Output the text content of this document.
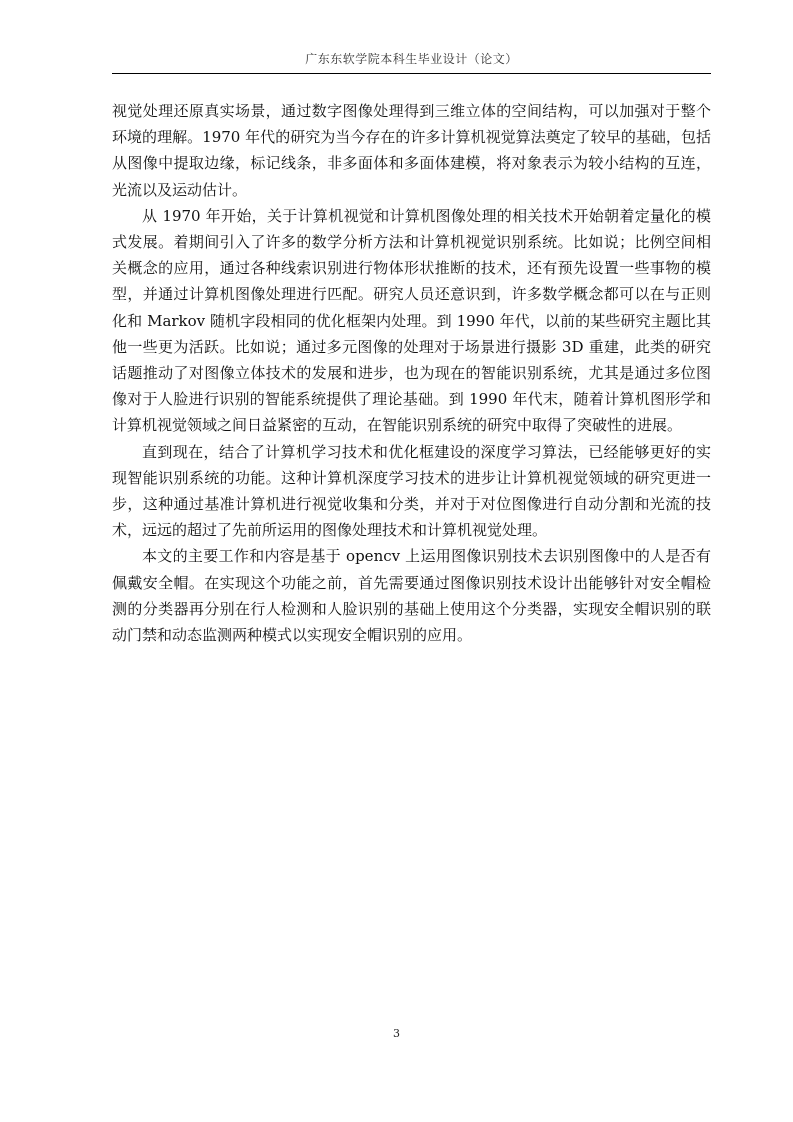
广东东软学院本科生毕业设计（论文）

视觉处理还原真实场景，通过数字图像处理得到三维立体的空间结构，可以加强对于整个环境的理解。1970 年代的研究为当今存在的许多计算机视觉算法奠定了较早的基础，包括从图像中提取边缘，标记线条，非多面体和多面体建模，将对象表示为较小结构的互连，光流以及运动估计。

从 1970 年开始，关于计算机视觉和计算机图像处理的相关技术开始朝着定量化的模式发展。着期间引入了许多的数学分析方法和计算机视觉识别系统。比如说；比例空间相关概念的应用，通过各种线索识别进行物体形状推断的技术，还有预先设置一些事物的模型，并通过计算机图像处理进行匹配。研究人员还意识到，许多数学概念都可以在与正则化和 Markov 随机字段相同的优化框架内处理。到 1990 年代，以前的某些研究主题比其他一些更为活跃。比如说；通过多元图像的处理对于场景进行摄影 3D 重建，此类的研究话题推动了对图像立体技术的发展和进步，也为现在的智能识别系统，尤其是通过多位图像对于人脸进行识别的智能系统提供了理论基础。到 1990 年代末，随着计算机图形学和计算机视觉领域之间日益紧密的互动，在智能识别系统的研究中取得了突破性的进展。

直到现在，结合了计算机学习技术和优化框建设的深度学习算法，已经能够更好的实现智能识别系统的功能。这种计算机深度学习技术的进步让计算机视觉领域的研究更进一步，这种通过基准计算机进行视觉收集和分类，并对于对位图像进行自动分割和光流的技术，远远的超过了先前所运用的图像处理技术和计算机视觉处理。

本文的主要工作和内容是基于 opencv 上运用图像识别技术去识别图像中的人是否有佩戴安全帽。在实现这个功能之前，首先需要通过图像识别技术设计出能够针对安全帽检测的分类器再分别在行人检测和人脸识别的基础上使用这个分类器，实现安全帽识别的联动门禁和动态监测两种模式以实现安全帽识别的应用。

3
